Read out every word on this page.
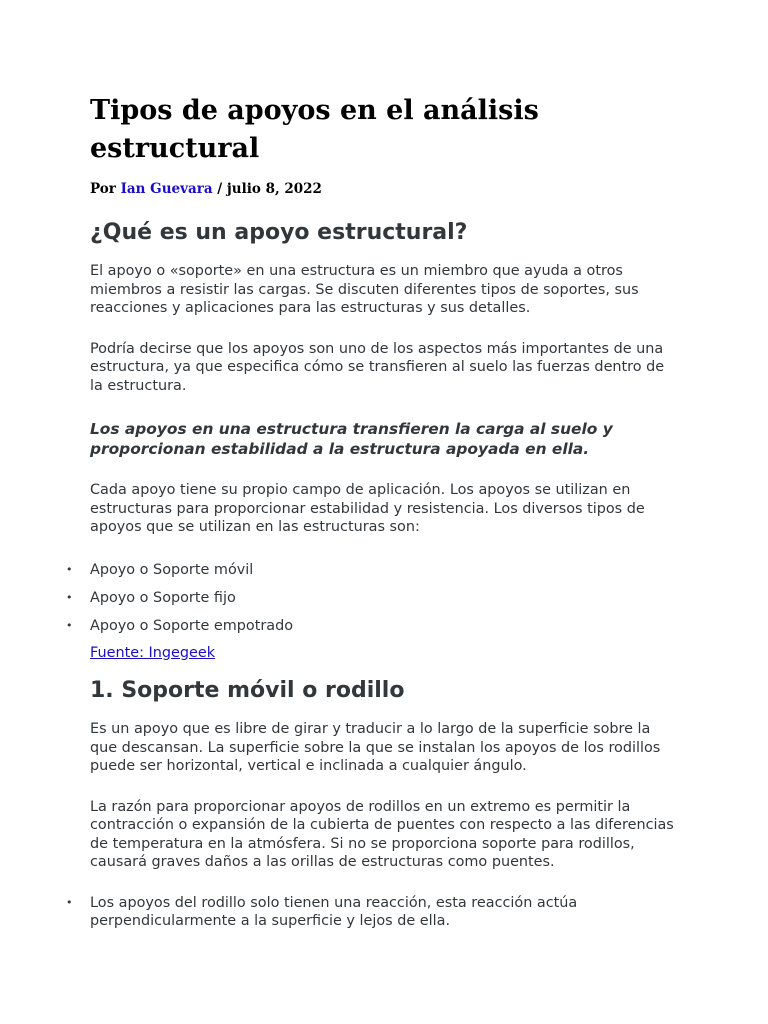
Tipos de apoyos en el análisis estructural
Por Ian Guevara / julio 8, 2022
¿Qué es un apoyo estructural?

El apoyo o «soporte» en una estructura es un miembro que ayuda a otros miembros a resistir las cargas. Se discuten diferentes tipos de soportes, sus reacciones y aplicaciones para las estructuras y sus detalles.

Podría decirse que los apoyos son uno de los aspectos más importantes de una estructura, ya que especifica cómo se transfieren al suelo las fuerzas dentro de la estructura.

Los apoyos en una estructura transfieren la carga al suelo y proporcionan estabilidad a la estructura apoyada en ella.

Cada apoyo tiene su propio campo de aplicación. Los apoyos se utilizan en estructuras para proporcionar estabilidad y resistencia. Los diversos tipos de apoyos que se utilizan en las estructuras son:

• Apoyo o Soporte móvil
• Apoyo o Soporte fijo
• Apoyo o Soporte empotrado
Fuente: Ingegeek
1. Soporte móvil o rodillo

Es un apoyo que es libre de girar y traducir a lo largo de la superficie sobre la que descansan. La superficie sobre la que se instalan los apoyos de los rodillos puede ser horizontal, vertical e inclinada a cualquier ángulo.

La razón para proporcionar apoyos de rodillos en un extremo es permitir la contracción o expansión de la cubierta de puentes con respecto a las diferencias de temperatura en la atmósfera. Si no se proporciona soporte para rodillos, causará graves daños a las orillas de estructuras como puentes.

• Los apoyos del rodillo solo tienen una reacción, esta reacción actúa perpendicularmente a la superficie y lejos de ella.
